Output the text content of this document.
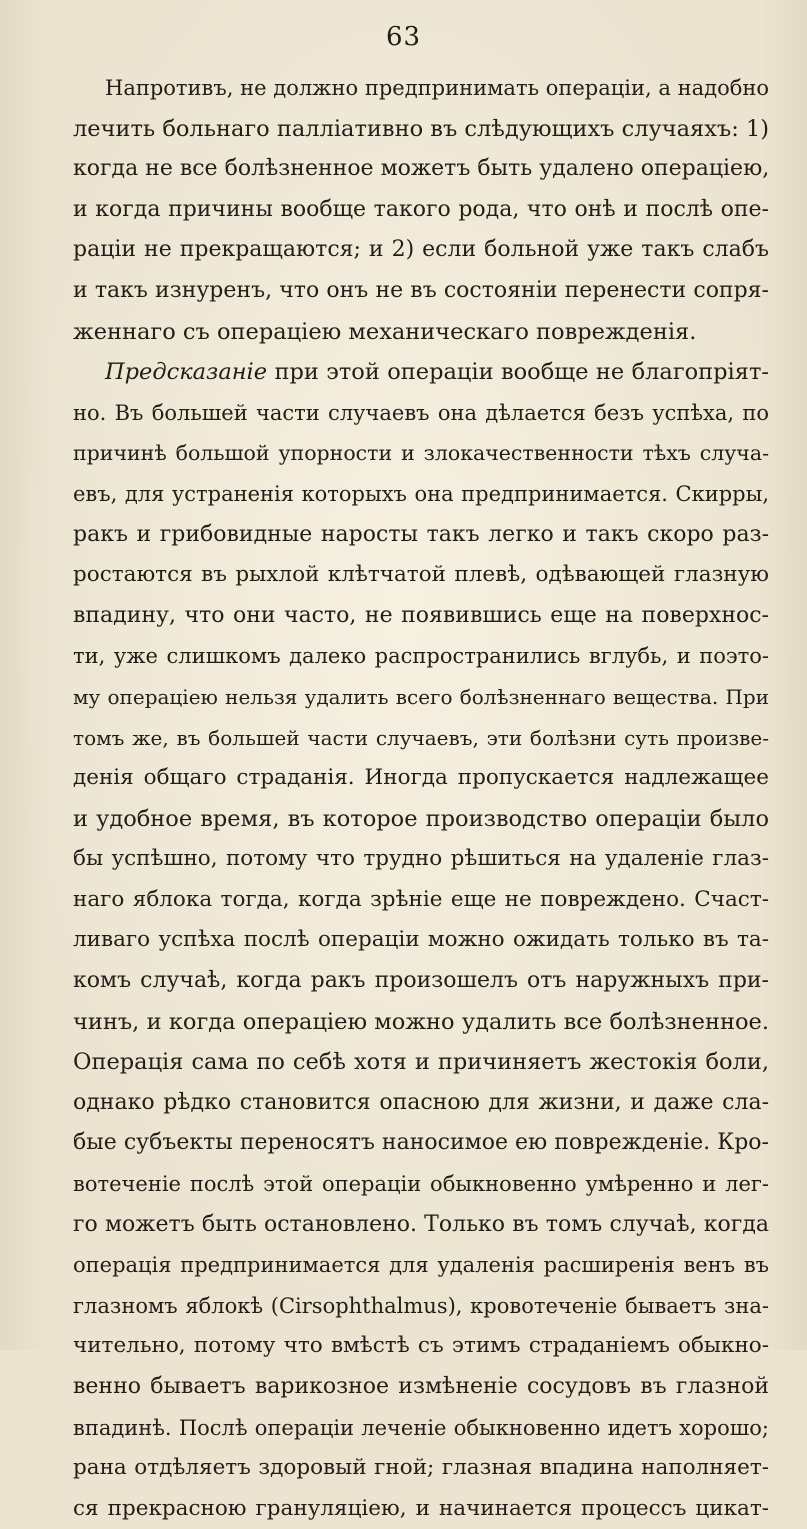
63
Напротивъ, не должно предпринимать операціи, а надобно
лечить больнаго палліативно въ слѣдующихъ случаяхъ: 1)
когда не все болѣзненное можетъ быть удалено операціею,
и когда причины вообще такого рода, что онѣ и послѣ опе-
раціи не прекращаются; и 2) если больной уже такъ слабъ
и такъ изнуренъ, что онъ не въ состояніи перенести сопря-
женнаго съ операціею механическаго поврежденія.
Предсказаніе при этой операціи вообще не благопріят-
но. Въ большей части случаевъ она дѣлается безъ успѣха, по
причинѣ большой упорности и злокачественности тѣхъ случа-
евъ, для устраненія которыхъ она предпринимается. Скирры,
ракъ и грибовидные наросты такъ легко и такъ скоро раз-
ростаются въ рыхлой клѣтчатой плевѣ, одѣвающей глазную
впадину, что они часто, не появившись еще на поверхнос-
ти, уже слишкомъ далеко распространились вглубь, и поэто-
му операціею нельзя удалить всего болѣзненнаго вещества. При
томъ же, въ большей части случаевъ, эти болѣзни суть произве-
денія общаго страданія. Иногда пропускается надлежащее
и удобное время, въ которое производство операціи было
бы успѣшно, потому что трудно рѣшиться на удаленіе глаз-
наго яблока тогда, когда зрѣніе еще не повреждено. Счаст-
ливаго успѣха послѣ операціи можно ожидать только въ та-
комъ случаѣ, когда ракъ произошелъ отъ наружныхъ при-
чинъ, и когда операціею можно удалить все болѣзненное.
Операція сама по себѣ хотя и причиняетъ жестокія боли,
однако рѣдко становится опасною для жизни, и даже сла-
бые субъекты переносятъ наносимое ею поврежденіе. Кро-
вотеченіе послѣ этой операціи обыкновенно умѣренно и лег-
го можетъ быть остановлено. Только въ томъ случаѣ, когда
операція предпринимается для удаленія расширенія венъ въ
глазномъ яблокѣ (Cirsophthalmus), кровотеченіе бываетъ зна-
чительно, потому что вмѣстѣ съ этимъ страданіемъ обыкно-
венно бываетъ варикозное измѣненіе сосудовъ въ глазной
впадинѣ. Послѣ операціи леченіе обыкновенно идетъ хорошо;
рана отдѣляетъ здоровый гной; глазная впадина наполняет-
ся прекрасною грануляціею, и начинается процессъ цикат-
